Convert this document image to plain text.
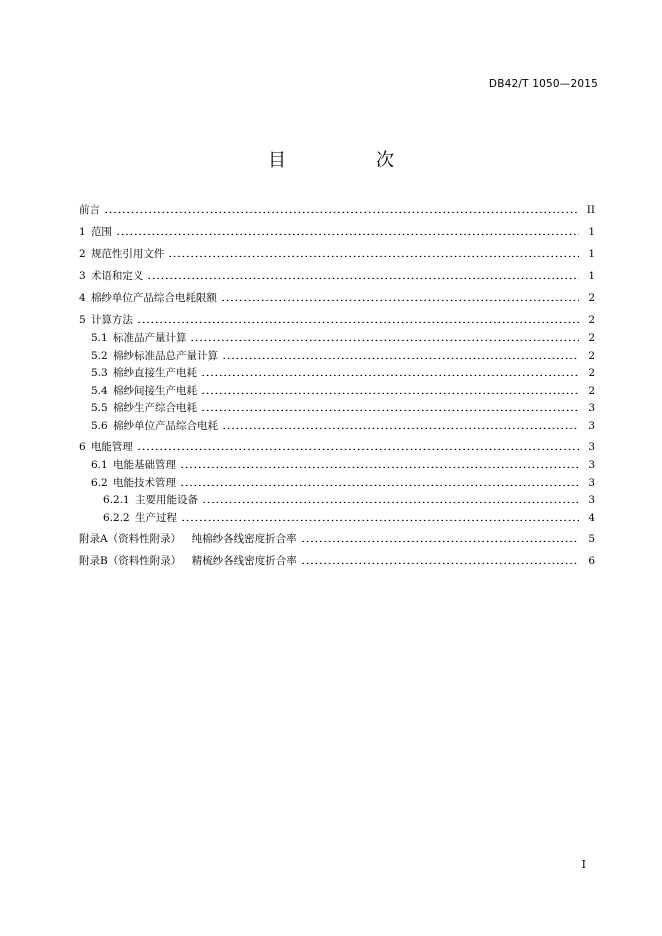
DB42/T 1050—2015
目　次
前言	II
1  范围	1
2  规范性引用文件	1
3  术语和定义	1
4  棉纱单位产品综合电耗限额	2
5  计算方法	2
5.1  标准品产量计算	2
5.2  棉纱标准品总产量计算	2
5.3  棉纱直接生产电耗	2
5.4  棉纱间接生产电耗	2
5.5  棉纱生产综合电耗	3
5.6  棉纱单位产品综合电耗	3
6  电能管理	3
6.1  电能基础管理	3
6.2  电能技术管理	3
6.2.1  主要用能设备	3
6.2.2  生产过程	4
附录A（资料性附录）  纯棉纱各线密度折合率	5
附录B（资料性附录）  精梳纱各线密度折合率	6
I
